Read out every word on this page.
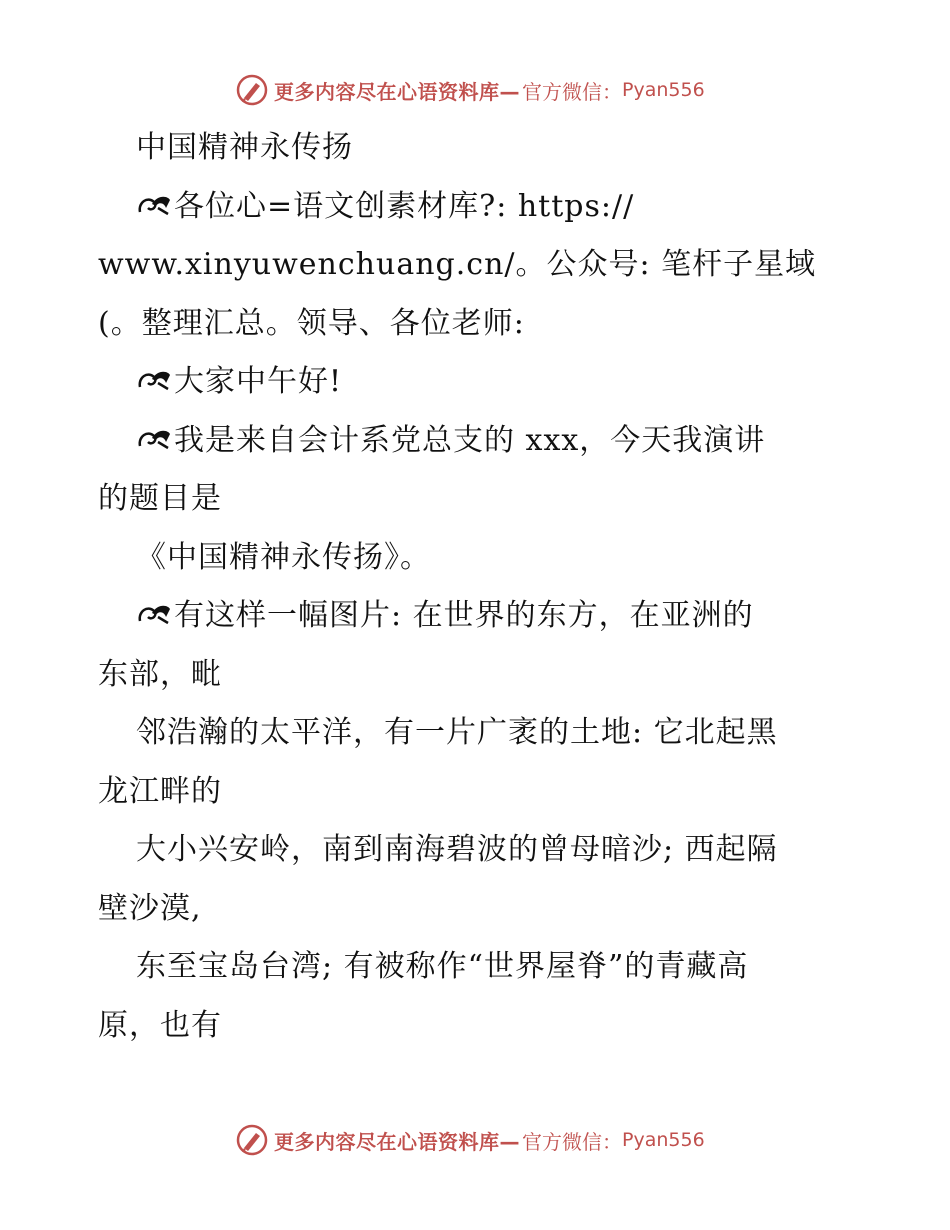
更多内容尽在心语资料库— 官方微信： Pyan556
中国精神永传扬
各位心=语文创素材库?: https://
www.xinyuwenchuang.cn/。公众号: 笔杆子星域
(。整理汇总。领导、各位老师:
大家中午好!
我是来自会计系党总支的 xxx，今天我演讲
的题目是
《中国精神永传扬》。
有这样一幅图片: 在世界的东方，在亚洲的
东部，毗
邻浩瀚的太平洋，有一片广袤的土地: 它北起黑
龙江畔的
大小兴安岭，南到南海碧波的曾母暗沙; 西起隔
壁沙漠,
东至宝岛台湾; 有被称作“世界屋脊”的青藏高
原，也有
更多内容尽在心语资料库— 官方微信： Pyan556
